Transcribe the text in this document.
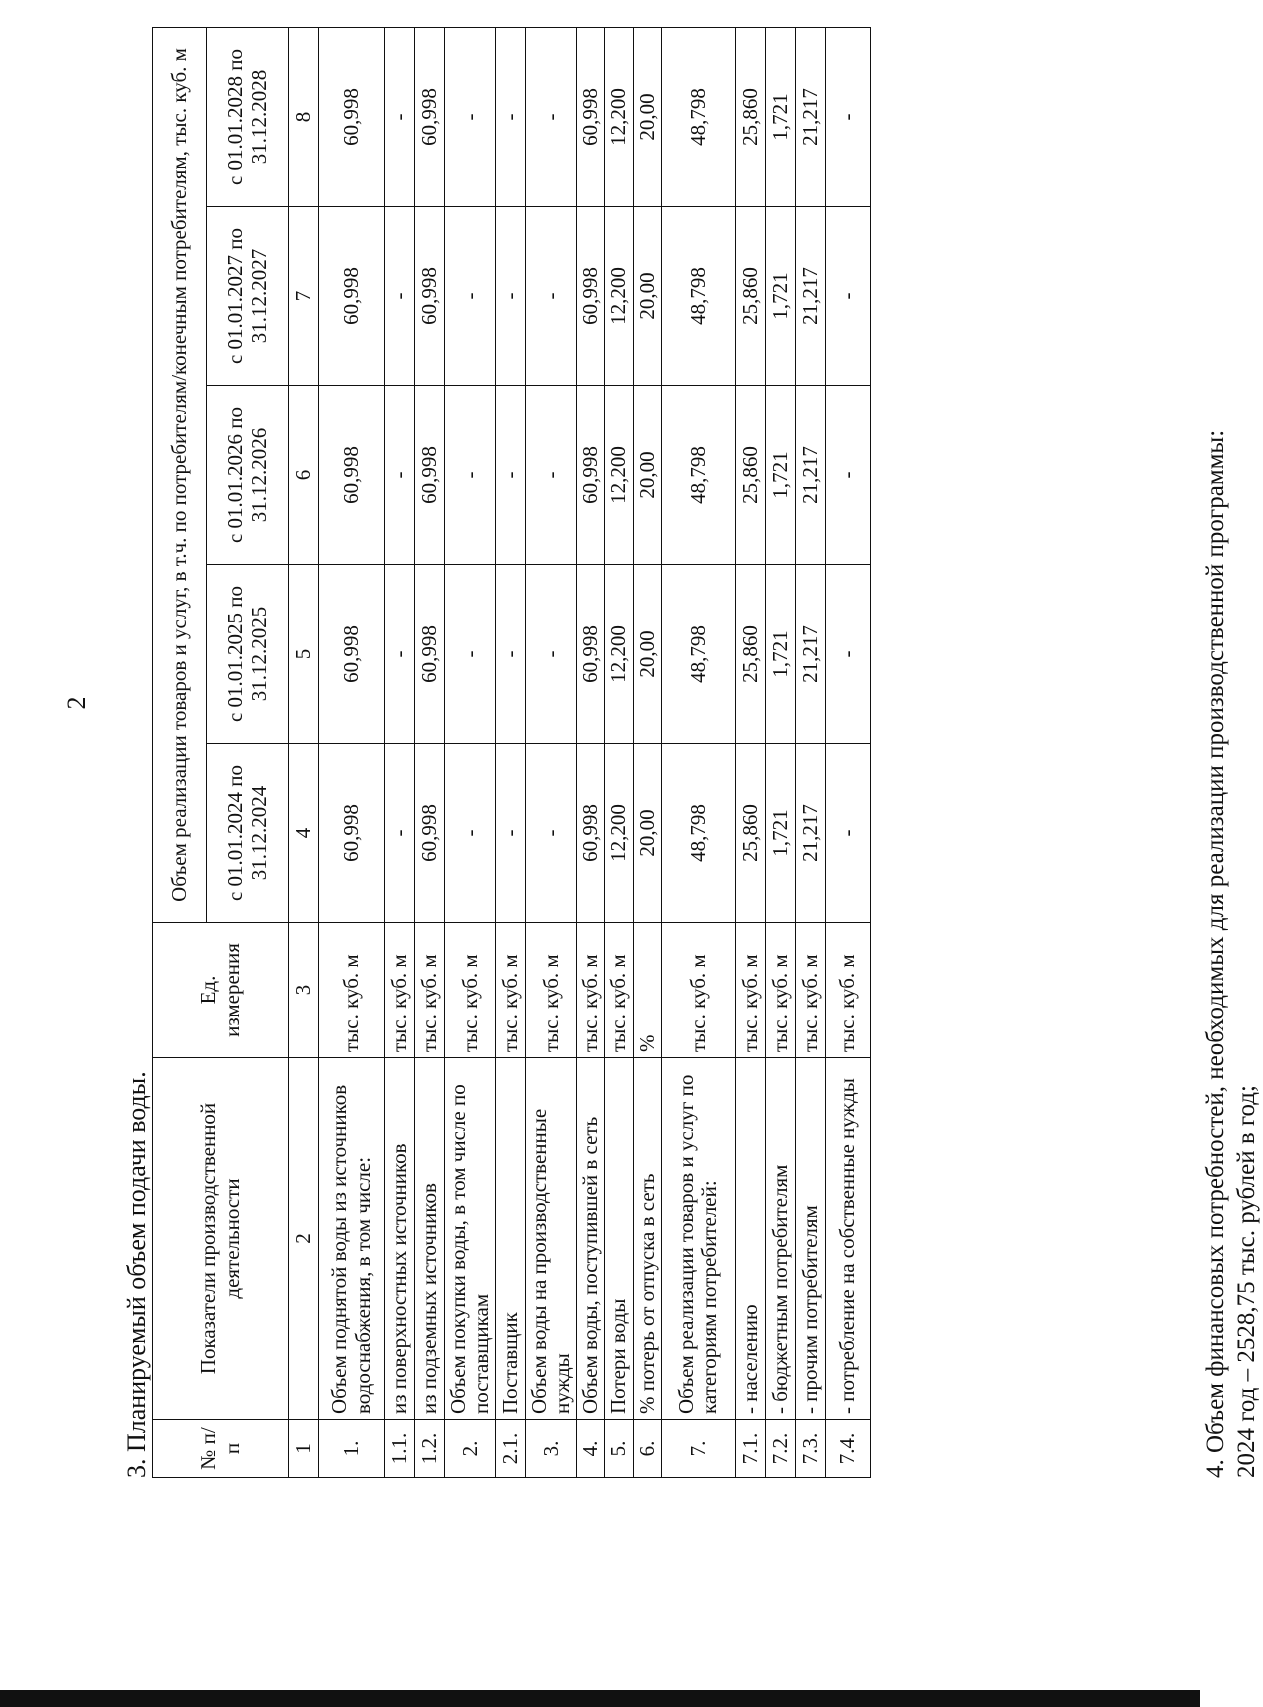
2
3. Планируемый объем подачи воды. № п/п	Показатели производственной деятельности	Ед. измерения	Объем реализации товаров и услуг, в т.ч. по потребителям/конечным потребителям, тыс. куб. м				
			с 01.01.2024 по 31.12.2024	с 01.01.2025 по 31.12.2025	с 01.01.2026 по 31.12.2026	с 01.01.2027 по 31.12.2027	с 01.01.2028 по 31.12.2028
1	2	3	4	5	6	7	8
1.	Объем поднятой воды из источников водоснабжения, в том числе:	тыс. куб. м	60,998	60,998	60,998	60,998	60,998
1.1.	из поверхностных источников	тыс. куб. м	-	-	-	-	-
1.2.	из подземных источников	тыс. куб. м	60,998	60,998	60,998	60,998	60,998
2.	Объем покупки воды, в том числе по поставщикам	тыс. куб. м	-	-	-	-	-
2.1.	Поставщик	тыс. куб. м	-	-	-	-	-
3.	Объем воды на производственные нужды	тыс. куб. м	-	-	-	-	-
4.	Объем воды, поступившей в сеть	тыс. куб. м	60,998	60,998	60,998	60,998	60,998
5.	Потери воды	тыс. куб. м	12,200	12,200	12,200	12,200	12,200
6.	% потерь от отпуска в сеть	%	20,00	20,00	20,00	20,00	20,00
7.	Объем реализации товаров и услуг по категориям потребителей:	тыс. куб. м	48,798	48,798	48,798	48,798	48,798
7.1.	- населению	тыс. куб. м	25,860	25,860	25,860	25,860	25,860
7.2.	- бюджетным потребителям	тыс. куб. м	1,721	1,721	1,721	1,721	1,721
7.3.	- прочим потребителям	тыс. куб. м	21,217	21,217	21,217	21,217	21,217
7.4.	- потребление на собственные нужды	тыс. куб. м	-	-	-	-	-
4. Объем финансовых потребностей, необходимых для реализации производственной программы: 2024 год – 2528,75 тыс. рублей в год;
